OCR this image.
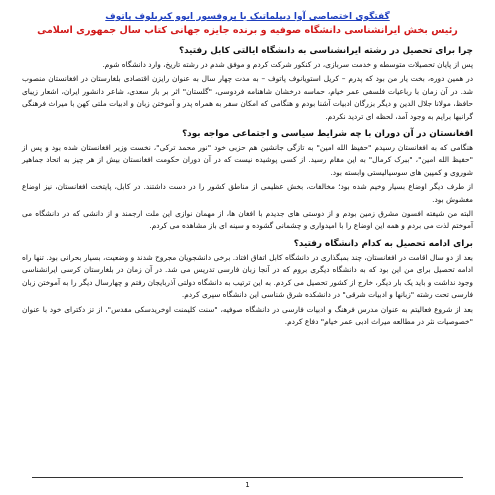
گفتگوی اختصاصی آوا دیپلماتیک با پروفسور ایوو کیریلوف پاتوف
رئیس بخش ایرانشناسی دانشگاه صوفیه و برنده جایزه جهانی کتاب سال جمهوری اسلامی
چرا برای تحصیل در رشته ایرانشناسی به دانشگاه ایالتی کابل رفتید؟

پس از پایان تحصیلات متوسطه و خدمت سربازی، در کنکور شرکت کردم و موفق شدم در رشته تاریخ، وارد دانشگاه شوم.

در همین دوره، بخت یار من بود که پدرم – کریل استویانوف پاتوف – به مدت چهار سال به عنوان رایزن اقتصادی بلغارستان در افغانستان منصوب شد. در آن زمان با رباعیات فلسفی عمر خیام، حماسه درخشان شاهنامه فردوسی، "گلستان" اثر بر بار سعدی، شاعر دانشور ایران، اشعار زیبای حافظ، مولانا جلال الدین و دیگر بزرگان ادبیات آشنا بودم و هنگامی که امکان سفر به همراه پدر و آموختن زبان و ادبیات ملتی کهن با میراث فرهنگی گرانبها برایم به وجود آمد، لحظه ای تردید نکردم.

افغانستان در آن دوران با چه شرایط سیاسی و اجتماعی مواجه بود؟

هنگامی که به افغانستان رسیدم "حفیظ الله امین" به تازگی جانشین هم حزبی خود "نور محمد ترکی"، نخست وزیر افغانستان شده بود و پس از "حفیظ الله امین"، "ببرک کرمال" به این مقام رسید. از کسی پوشیده نیست که در آن دوران حکومت افغانستان بیش از هر چیز به اتحاد جماهیر شوروی و کمپین های سوسیالیستی وابسته بود.

از طرف دیگر اوضاع بسیار وخیم شده بود؛ مخالفات، بخش عظیمی از مناطق کشور را در دست داشتند. در کابل، پایتخت افغانستان، نیز اوضاع مغشوش بود.

البته من شیفته افسون مشرق زمین بودم و از دوستی های جدیدم با افغان ها، از مهمان نوازی این ملت ارجمند و از دانشی که در دانشگاه می آموختم لذت می بردم و همه این اوضاع را با امیدواری و چشمانی گشوده و سینه ای باز مشاهده می کردم.

برای ادامه تحصیل به کدام دانشگاه رفتید؟

بعد از دو سال اقامت در افغانستان، چند بمبگذاری در دانشگاه کابل اتفاق افتاد. برخی دانشجویان مجروح شدند و وضعیت، بسیار بحرانی بود. تنها راه ادامه تحصیل برای من این بود که به دانشگاه دیگری بروم که در آنجا زبان فارسی تدریس می شد. در آن زمان در بلغارستان کرسی ایرانشناسی وجود نداشت و باید یک بار دیگر، خارج از کشور تحصیل می کردم. به این ترتیب به دانشگاه دولتی آذربایجان رفتم و چهارسال دیگر را به آموختن زبان فارسی تحت رشته "زبانها و ادبیات شرقی" در دانشکده شرق شناسی این دانشگاه سپری کردم.

بعد از شروع فعالیتم به عنوان مدرس فرهنگ و ادبیات فارسی در دانشگاه صوفیه، "سنت کلیمنت اوخریدسکی مقدس"، از تز دکترای خود با عنوان "خصوصیات نثر در مطالعه میراث ادبی عمر خیام" دفاع کردم.

1
